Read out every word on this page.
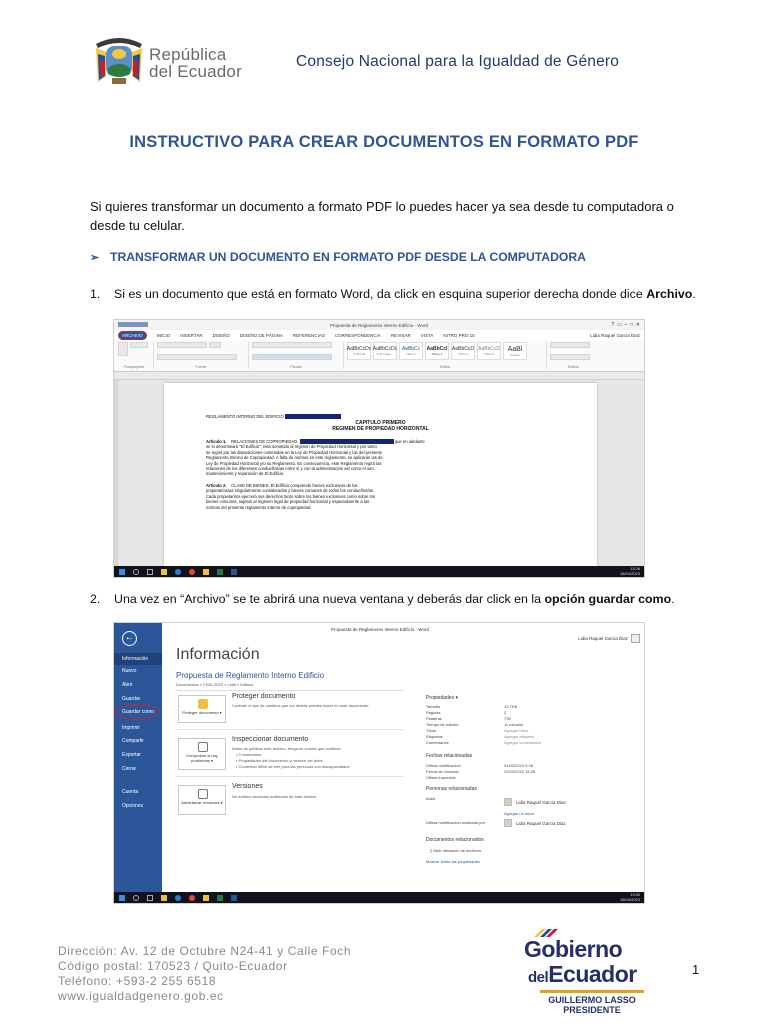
República
del Ecuador
Consejo Nacional para la Igualdad de Género
INSTRUCTIVO PARA CREAR DOCUMENTOS EN FORMATO PDF
Si quieres transformar un documento a formato PDF lo puedes hacer ya sea desde tu computadora o desde tu celular.
➢ TRANSFORMAR UN DOCUMENTO EN FORMATO PDF DESDE LA COMPUTADORA
1.	Si es un documento que está en formato Word, da click en esquina superior derecha donde dice Archivo.
Propuesta de Reglamento Interno Edificio - Word	?  ▭  –  □  ✕
ARCHIVO	INICIO INSERTAR DISEÑO DISEÑO DE PÁGINA REFERENCIAS CORRESPONDENCIA REVISAR VISTA NITRO PRO 10	Lidia Raquel Garcia Diaz
Portapapeles	Fuente	Párrafo
AaBbCcDc
¶ Normal
AaBbCcDc
¶ Sin espa...
AaBbCc
Título 1
AaBbCcI
Título 2
AaBbCcD
Título 3
AaBbCcD
Título 4
AaBl
Puesto
Estilos	Edición
REGLAMENTO INTERNO DEL EDIFICIO
CAPITULO PRIMERO
REGIMEN DE PROPIEDAD HORIZONTAL
Artículo 1. RELACIONES DE COPROPIEDAD.	que en adelante
se lo denominará "El Edificio", está sometido al régimen de Propiedad Horizontal y por tanto
se regirá por las disposiciones contenidas en la Ley de Propiedad Horizontal y las del presente
Reglamento Interno de Copropiedad. A falta de normas en este reglamento, se aplicarán las de
Ley de Propiedad Horizontal y/o su Reglamento. En consecuencia, este Reglamento regirá las
relaciones de los diferentes condueños/as entre sí y con la administración así como el uso,
mantenimiento y reparación de El Edificio.
Artículo 2. CLASE DE BIENES. El Edificio comprende bienes exclusivos de los
propietarios/as singularmente considerados y bienes comunes de todos los condueños/as.
Cada propietario/a ejercerá sus derechos tanto sobre los bienes exclusivos como sobre los
bienes comunes, sujetos al régimen legal de propiedad horizontal y especialmente a las
normas del presente reglamento interno de copropiedad.
13:28
18/04/2023
2.	Una vez en “Archivo” se te abrirá una nueva ventana y deberás dar click en la opción guardar como.
←
Información
Nuevo
Abrir
Guardar
Guardar como
Imprimir
Compartir
Exportar
Cerrar
Cuenta
Opciones
Propuesta de Reglamento Interno Edificio - Word
Lidia Raquel Garcia Diaz
Información
Propuesta de Reglamento Interno Edificio
Documentos » CNIG 2023 » Lidia » Edificio
Proteger documento ▾
Proteger documento
Controle el tipo de cambios que los demás pueden hacer en este documento.
Comprobar si hay problemas ▾
Inspeccionar documento
Antes de publicar este archivo, tenga en cuenta que contiene:
• Comentarios
• Propiedades del documento y nombre del autor
• Contenido difícil de leer para las personas con discapacidades
Administrar versiones ▾
Versiones
No existen versiones anteriores de este archivo.
Propiedades ▾
Tamaño	12,7KB
Páginas	2
Palabras	735
Tiempo de edición	11 minutos
Título	Agregar título
Etiquetas	Agregar etiqueta
Comentarios	Agregar comentarios
Fechas relacionadas
Última modificación	01/02/2023 9:28
Fecha de creación	22/02/2022 16:05
Última impresión
Personas relacionadas
Autor
Lidia Raquel Garcia Diaz
Agregar un autor
Última modificación realizada por	Lidia Raquel Garcia Diaz
Documentos relacionados
▯ Abrir ubicación de archivos
Mostrar todas las propiedades
13:50
18/04/2023
Dirección: Av. 12 de Octubre N24-41 y Calle Foch
Código postal: 170523 / Quito-Ecuador
Teléfono: +593-2 255 6518
www.igualdadgenero.gob.ec
Gobierno
delEcuador
GUILLERMO LASSO
PRESIDENTE
1
